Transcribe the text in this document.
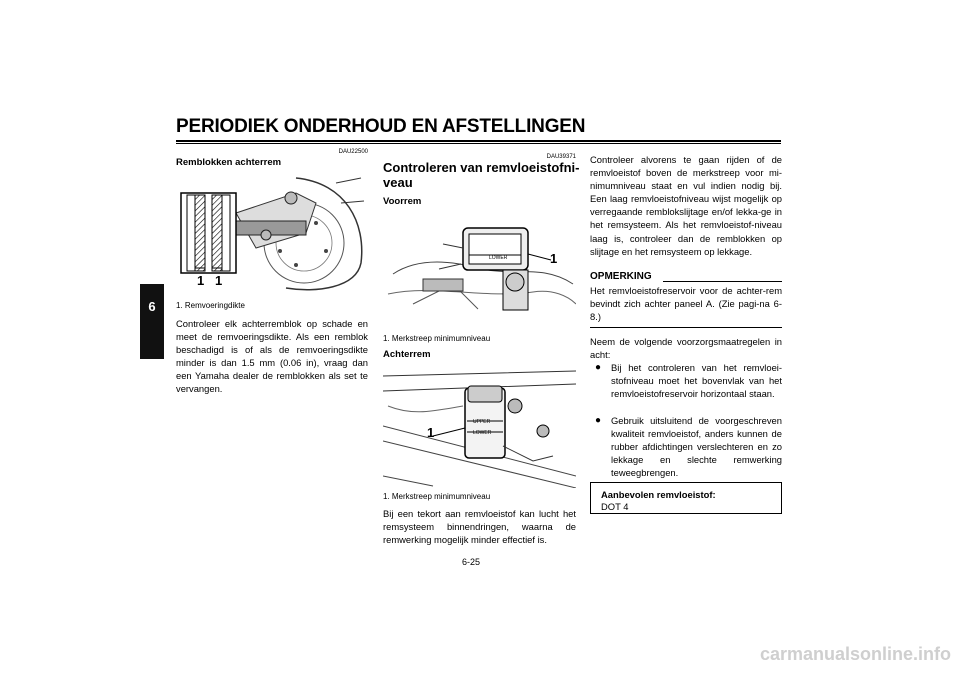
PERIODIEK ONDERHOUD EN AFSTELLINGEN
6
DAU22500
Remblokken achterrem
1 1
1. Remvoeringdikte
Controleer elk achterremblok op schade en meet de remvoeringsdikte. Als een remblok beschadigd is of als de remvoeringsdikte minder is dan 1.5 mm (0.06 in), vraag dan een Yamaha dealer de remblokken als set te vervangen.
DAU39371
Controleren van remvloeistofni-
veau
Voorrem
LOWER	1
1. Merkstreep minimumniveau
Achterrem
UPPER
LOWER
1
1. Merkstreep minimumniveau
Bij een tekort aan remvloeistof kan lucht het remsysteem binnendringen, waarna de remwerking mogelijk minder effectief is.
Controleer alvorens te gaan rijden of de remvloeistof boven de merkstreep voor mi-nimumniveau staat en vul indien nodig bij. Een laag remvloeistofniveau wijst mogelijk op verregaande remblokslijtage en/of lekka-ge in het remsysteem. Als het remvloeistof-niveau laag is, controleer dan de remblokken op slijtage en het remsysteem op lekkage.
OPMERKING
Het remvloeistofreservoir voor de achter-rem bevindt zich achter paneel A. (Zie pagi-na 6-8.)
Neem de volgende voorzorgsmaatregelen in acht:
● Bij het controleren van het remvloei-stofniveau moet het bovenvlak van het remvloeistofreservoir horizontaal staan.
● Gebruik uitsluitend de voorgeschreven kwaliteit remvloeistof, anders kunnen de rubber afdichtingen verslechteren en zo lekkage en slechte remwerking teweegbrengen.
Aanbevolen remvloeistof:
DOT 4
6-25
carmanualsonline.info
